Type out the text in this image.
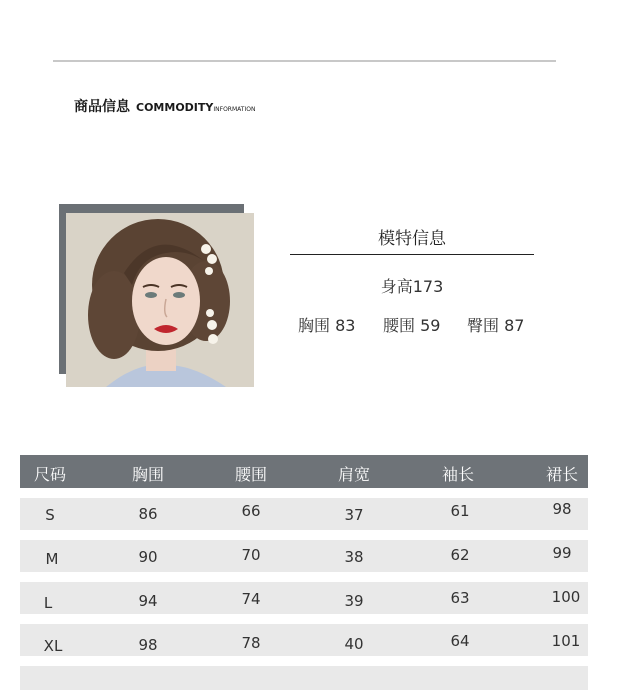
商品信息 COMMODITYINFORMATION
模特信息
身高173
胸围 83 腰围 59 臀围 87
尺码	胸围	腰围	肩宽	袖长	裙长
S	86	66	37	61	98
M	90	70	38	62	99
L	94	74	39	63	100
XL	98	78	40	64	101
